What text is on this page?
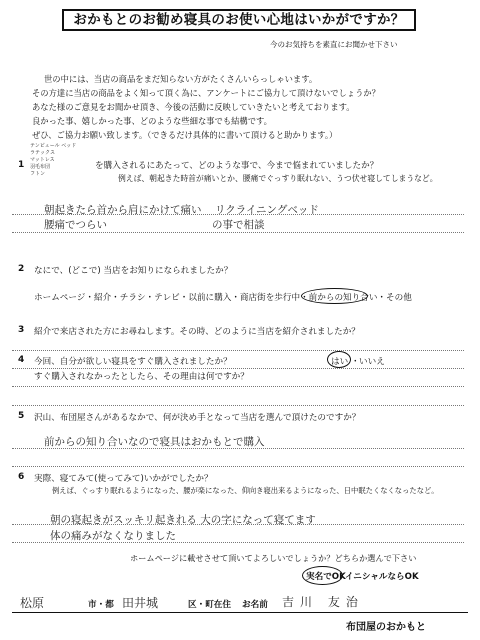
おかもとのお勧め寝具のお使い心地はいかがですか？
今のお気持ちを素直にお聞かせ下さい
世の中には、当店の商品をまだ知らない方がたくさんいらっしゃいます。
その方達に当店の商品をよく知って頂く為に、アンケートにご協力して頂けないでしょうか？
あなた様のご意見をお聞かせ頂き、今後の活動に反映していきたいと考えております。
良かった事、嬉しかった事、どのような些細な事でも結構です。
ぜひ、ご協力お願い致します。（できるだけ具体的に書いて頂けると助かります。）
1
テンピュール ベッド
ラテックス
マットレス
羽毛布団
フトン
を購入されるにあたって、どのような事で、今まで悩まれていましたか？
例えば、朝起きた時首が痛いとか、腰痛でぐっすり眠れない、うつ伏せ寝してしまうなど。
朝起きたら首から肩にかけて痛い リクライニングベッド
腰痛でつらい	の事で相談
2 なにで、(どこで) 当店をお知りになられましたか？
ホームページ・紹介・チラシ・テレビ・以前に購入・商店街を歩行中・前からの知り合い・その他
3 紹介で来店された方にお尋ねします。その時、どのように当店を紹介されましたか？
4 今回、自分が欲しい寝具をすぐ購入されましたか？	はい ・ いいえ
すぐ購入されなかったとしたら、その理由は何ですか？
5 沢山、布団屋さんがあるなかで、何が決め手となって当店を選んで頂けたのですか？
前からの知り合いなので寝具はおかもとで購入
6 実際、寝てみて(使ってみて)いかがでしたか？
例えば、ぐっすり眠れるようになった、腰が楽になった、仰向き寝出来るようになった、日中眠たくなくなったなど。
朝の寝起きがスッキリ起きれる 大の字になって寝てます
体の痛みがなくなりました
ホームページに載せさせて頂いてよろしいでしょうか？どちらか選んで下さい
実名でOK イニシャルならOK
松原	市・都 田井城	区・町在住 お名前 吉川 友治
布団屋のおかもと
